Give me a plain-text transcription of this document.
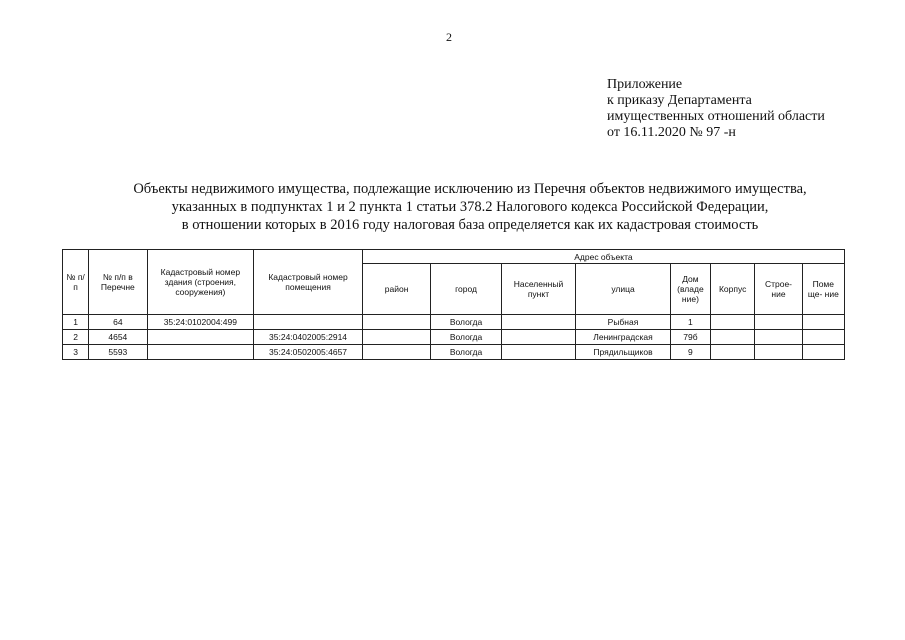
2
Приложение
к приказу Департамента
имущественных отношений области
от 16.11.2020 № 97 -н
Объекты недвижимого имущества, подлежащие исключению из Перечня объектов недвижимого имущества,
указанных в подпунктах 1 и 2 пункта 1 статьи 378.2 Налогового кодекса Российской Федерации,
в отношении которых в 2016 году налоговая база определяется как их кадастровая стоимость
№ п/п	№ п/п в Перечне	Кадастровый номер здания (строения, сооружения)	Кадастровый номер помещения	Адрес объекта							
				район	город	Населенный пункт	улица	Дом (владе ние)	Корпус	Строе- ние	Поме ще- ние
1	64	35:24:0102004:499			Вологда		Рыбная	1			
2	4654		35:24:0402005:2914		Вологда		Ленинградская	79б			
3	5593		35:24:0502005:4657		Вологда		Прядильщиков	9			
